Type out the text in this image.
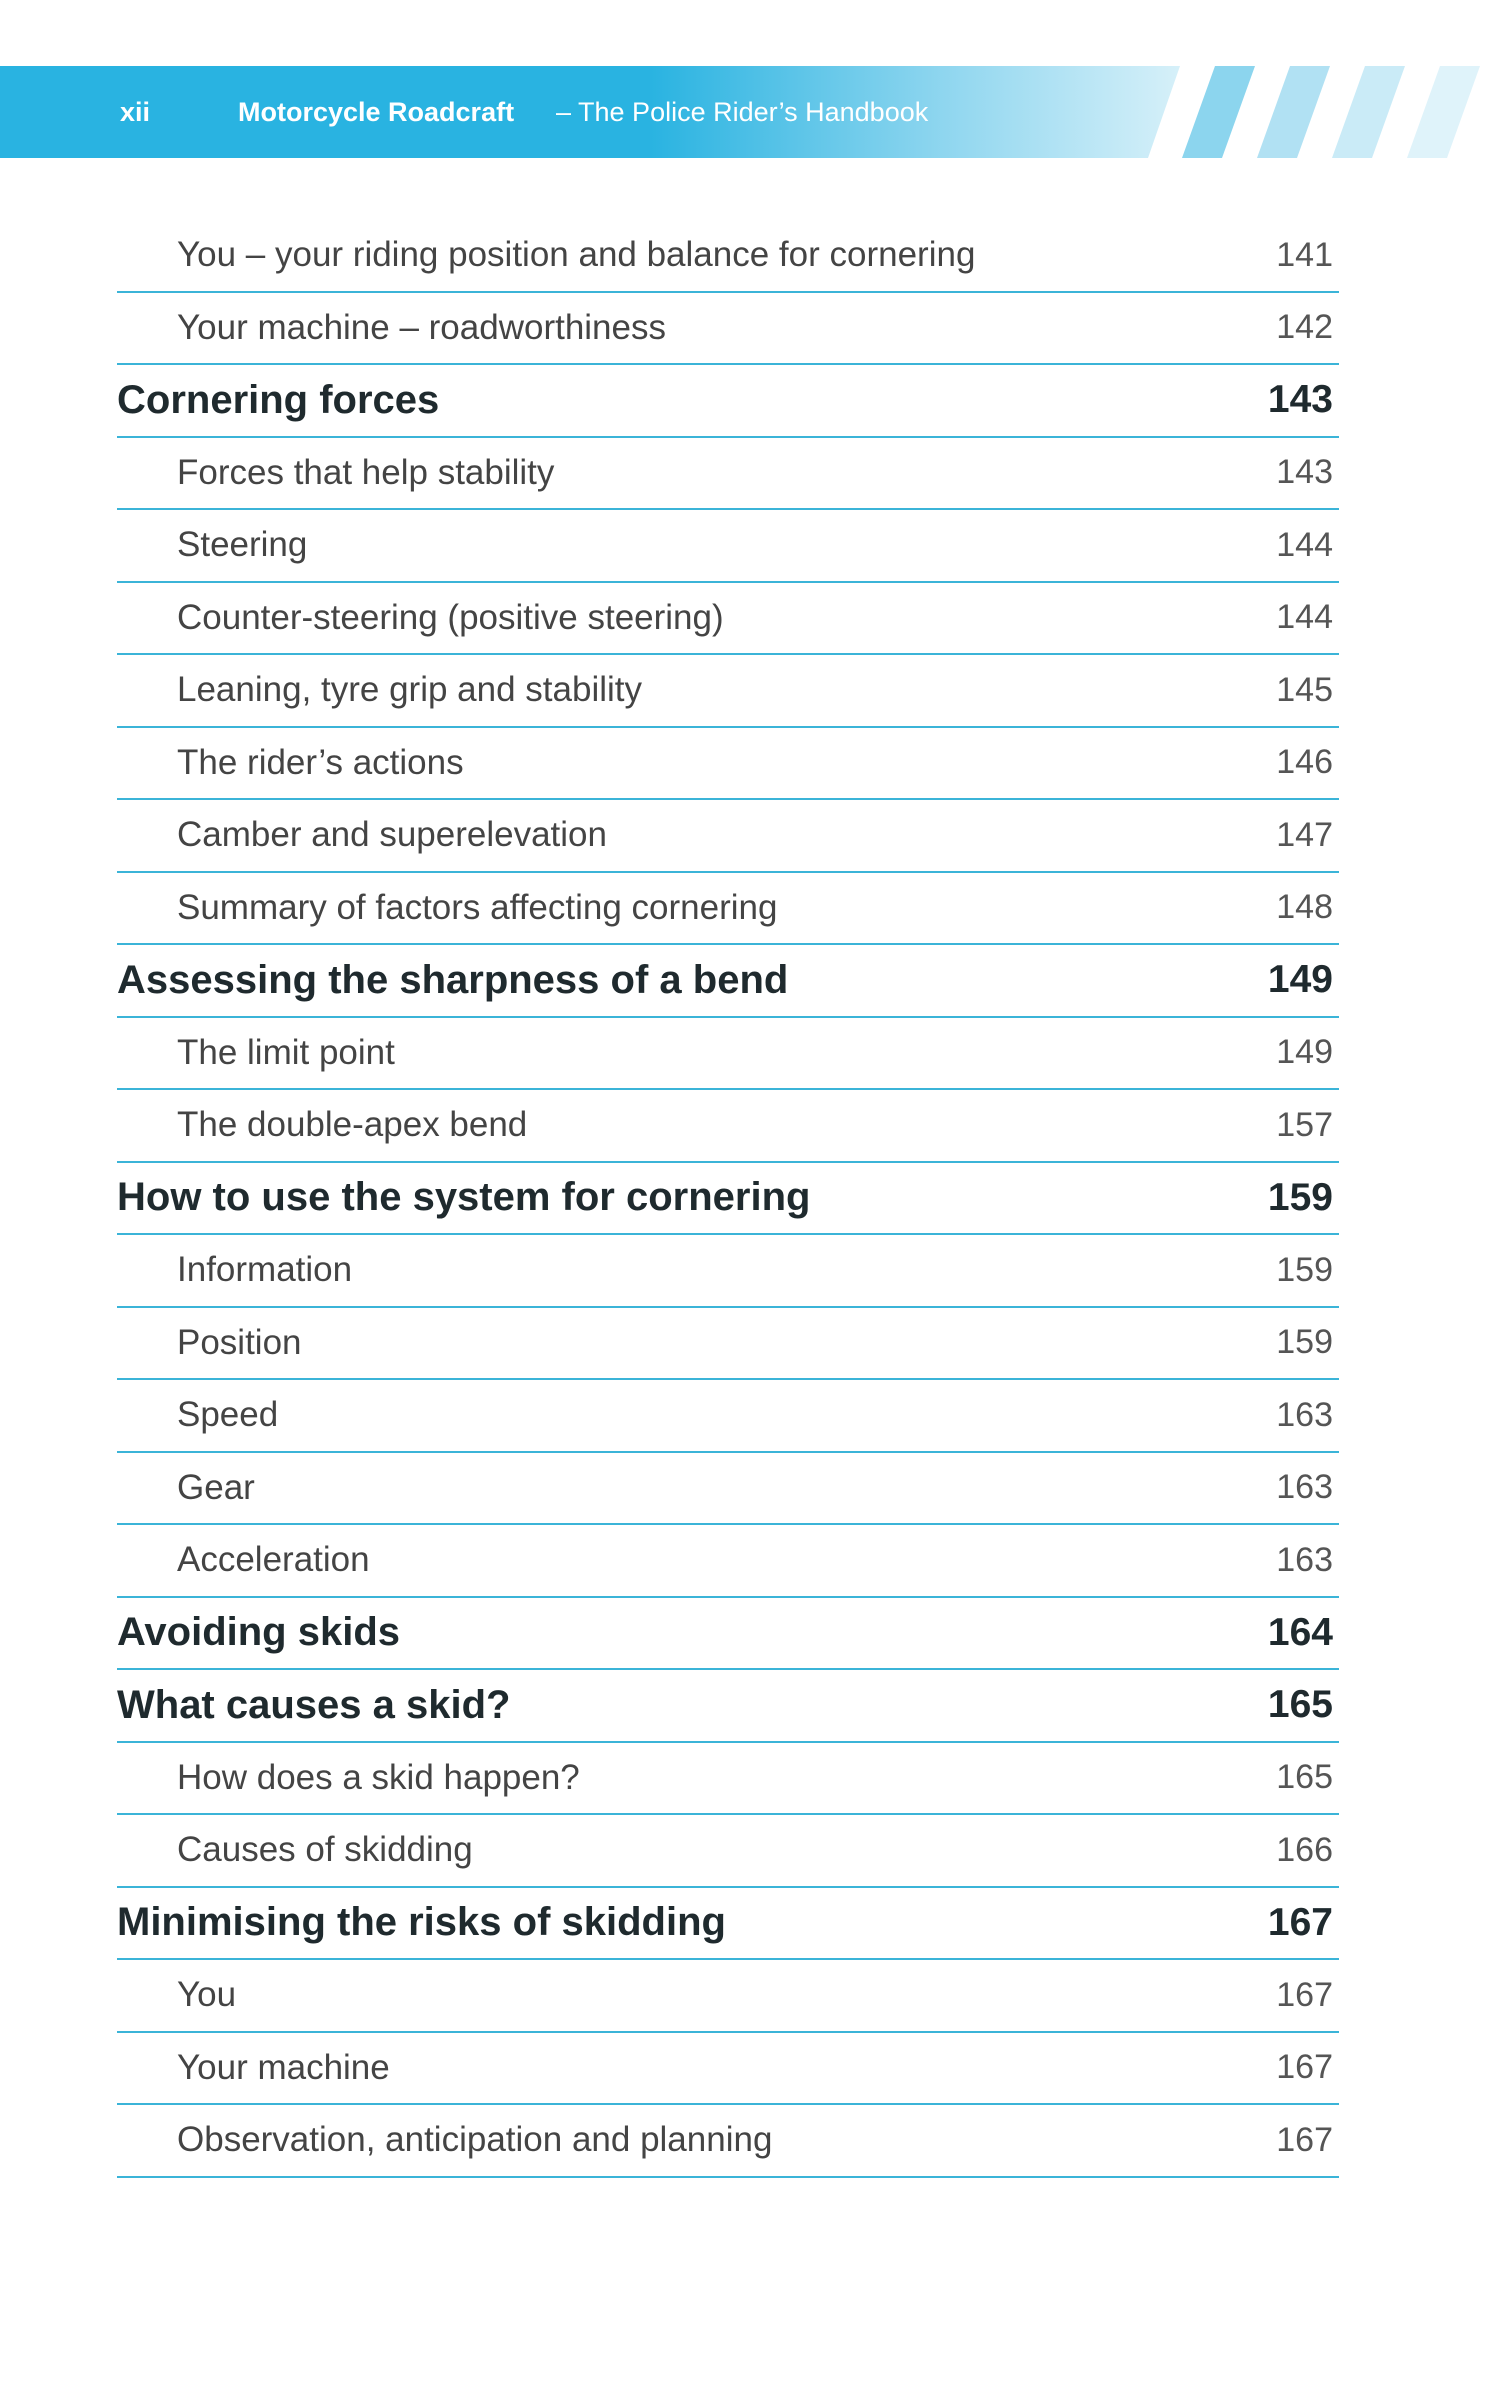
xii	Motorcycle Roadcraft – The Police Rider’s Handbook
You – your riding position and balance for cornering	141
Your machine – roadworthiness	142
Cornering forces	143
Forces that help stability	143
Steering	144
Counter-steering (positive steering)	144
Leaning, tyre grip and stability	145
The rider’s actions	146
Camber and superelevation	147
Summary of factors affecting cornering	148
Assessing the sharpness of a bend	149
The limit point	149
The double-apex bend	157
How to use the system for cornering	159
Information	159
Position	159
Speed	163
Gear	163
Acceleration	163
Avoiding skids	164
What causes a skid?	165
How does a skid happen?	165
Causes of skidding	166
Minimising the risks of skidding	167
You	167
Your machine	167
Observation, anticipation and planning	167
